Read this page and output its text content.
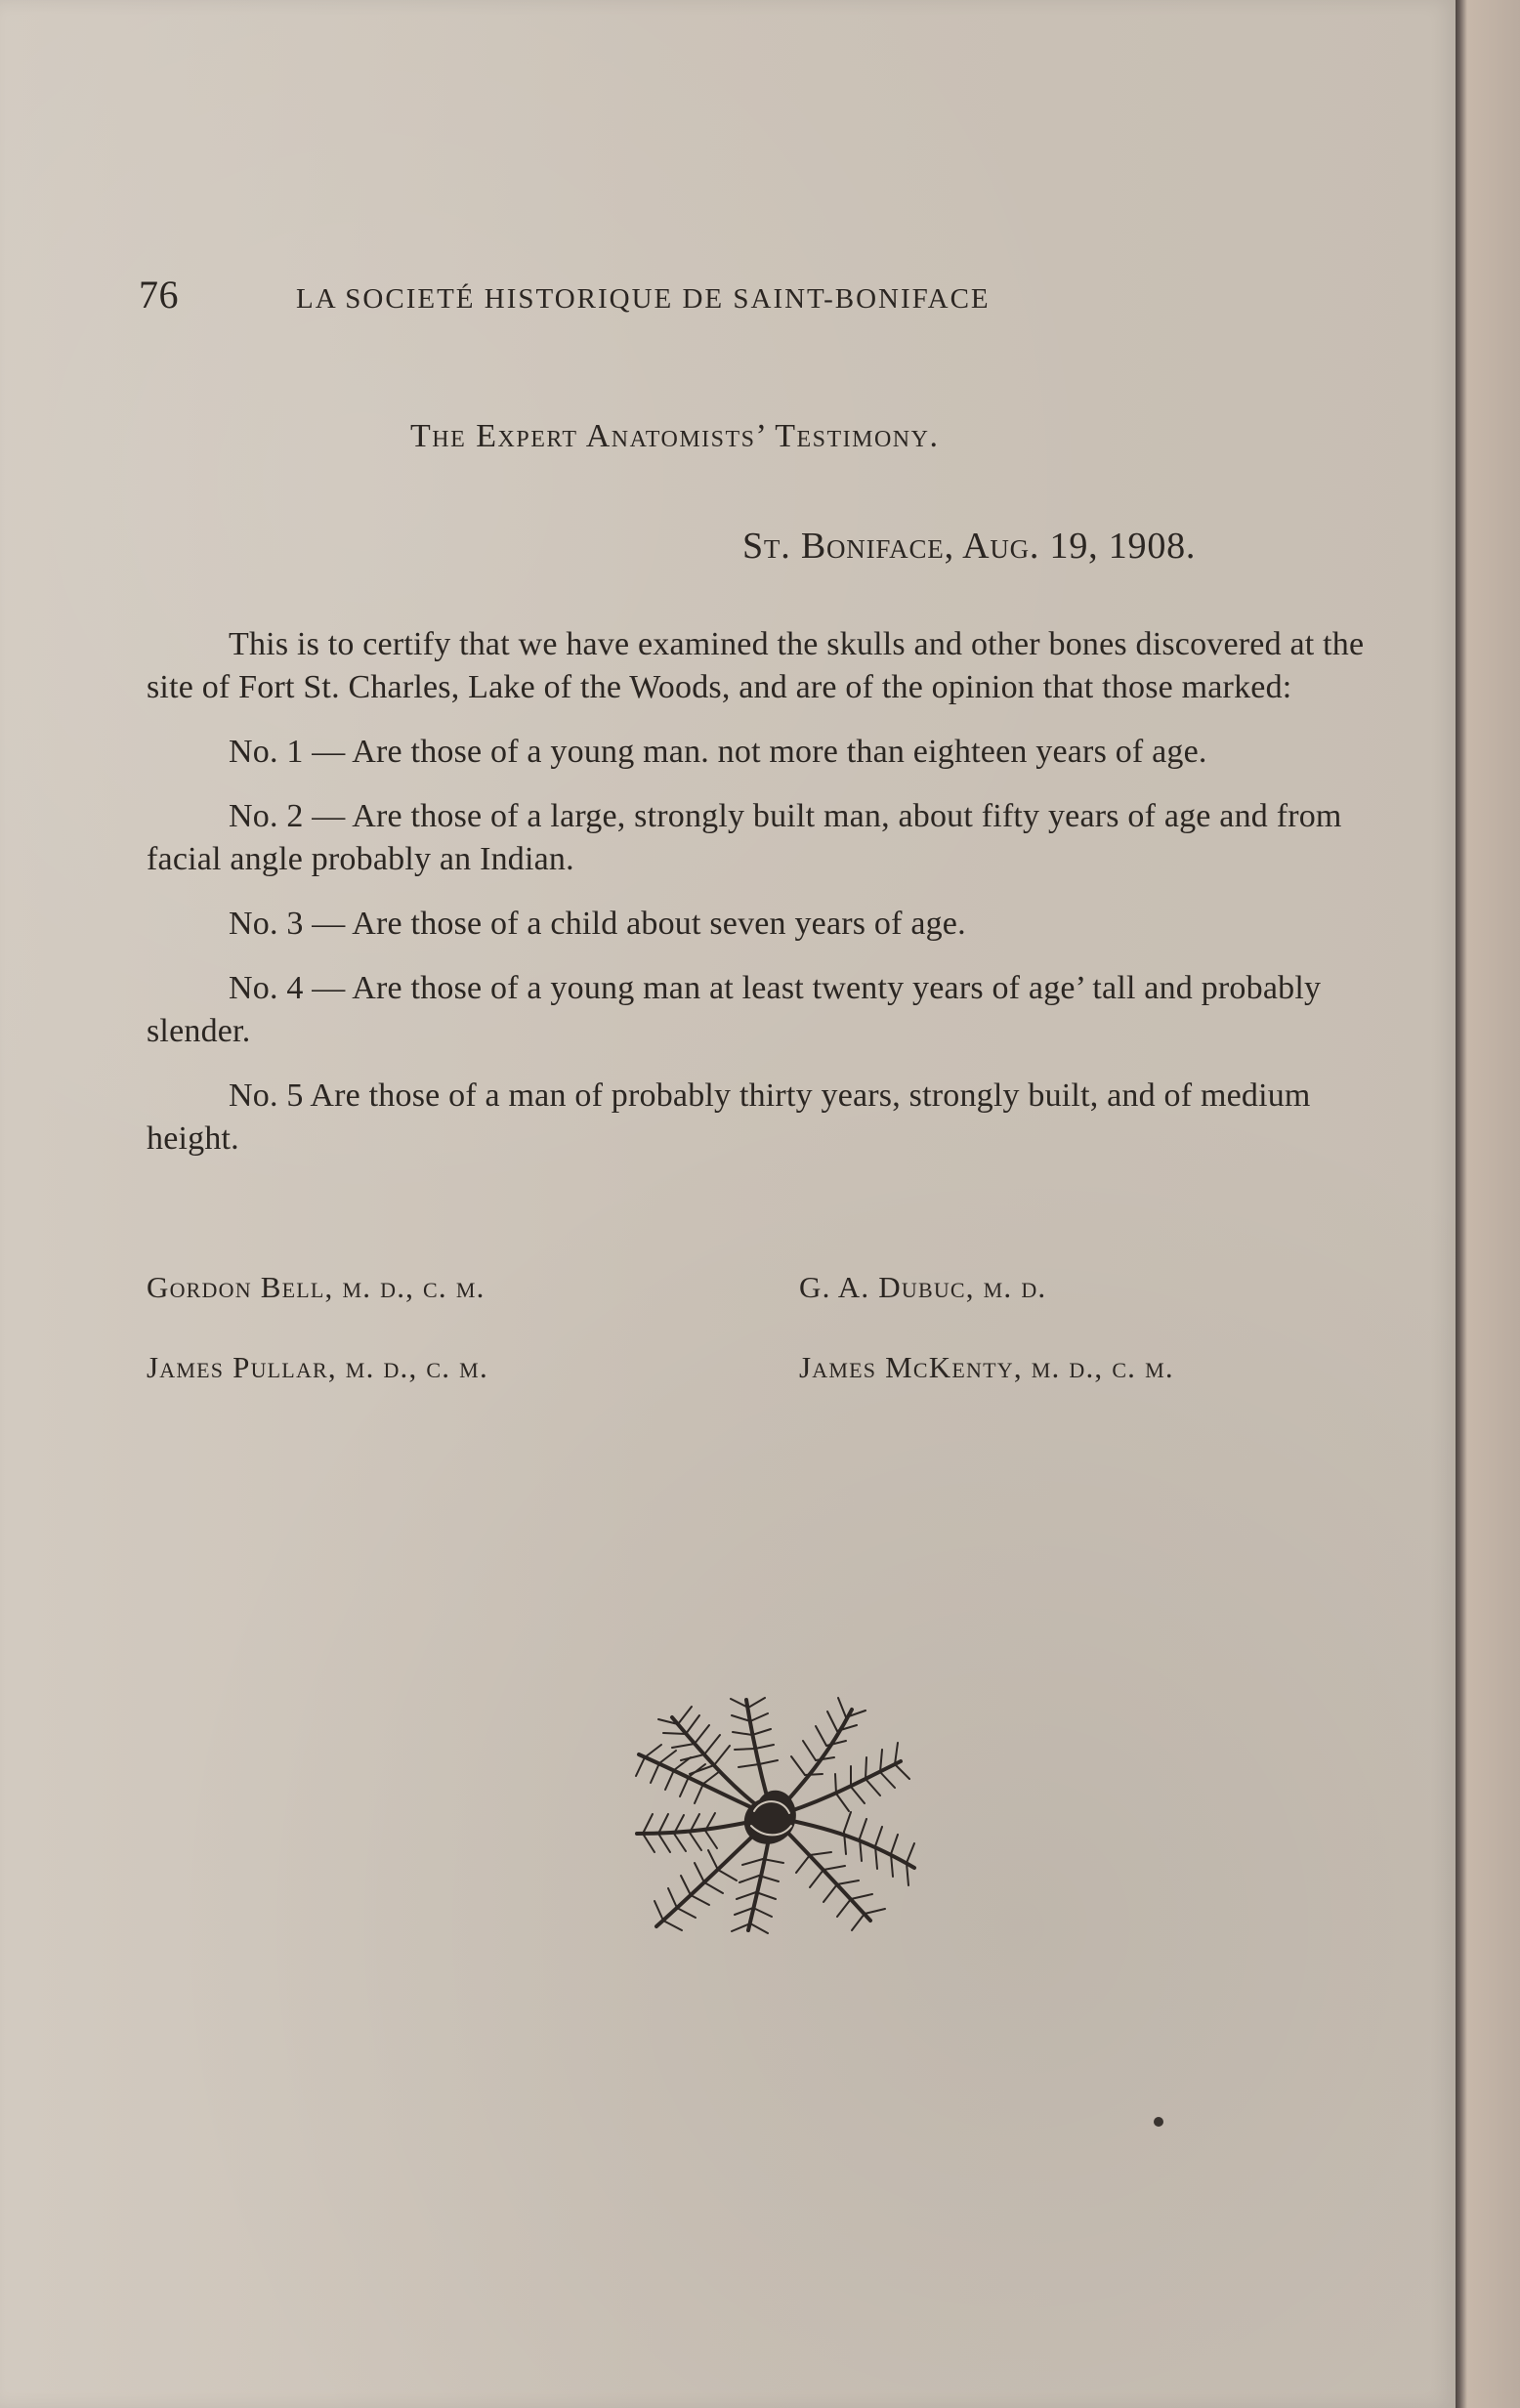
76	LA SOCIETÉ HISTORIQUE DE SAINT-BONIFACE
The Expert Anatomists’ Testimony.
St. Boniface, Aug. 19, 1908.

This is to certify that we have examined the skulls and other bones discovered at the site of Fort St. Charles, Lake of the Woods, and are of the opinion that those marked:

No. 1 — Are those of a young man. not more than eighteen years of age.

No. 2 — Are those of a large, strongly built man, about fifty years of age and from facial angle probably an Indian.

No. 3 — Are those of a child about seven years of age.

No. 4 — Are those of a young man at least twenty years of age’ tall and probably slender.

No. 5 Are those of a man of probably thirty years, strongly built, and of medium height.

Gordon Bell, m. d., c. m.	G. A. Dubuc, m. d.
James Pullar, m. d., c. m.	James McKenty, m. d., c. m.
